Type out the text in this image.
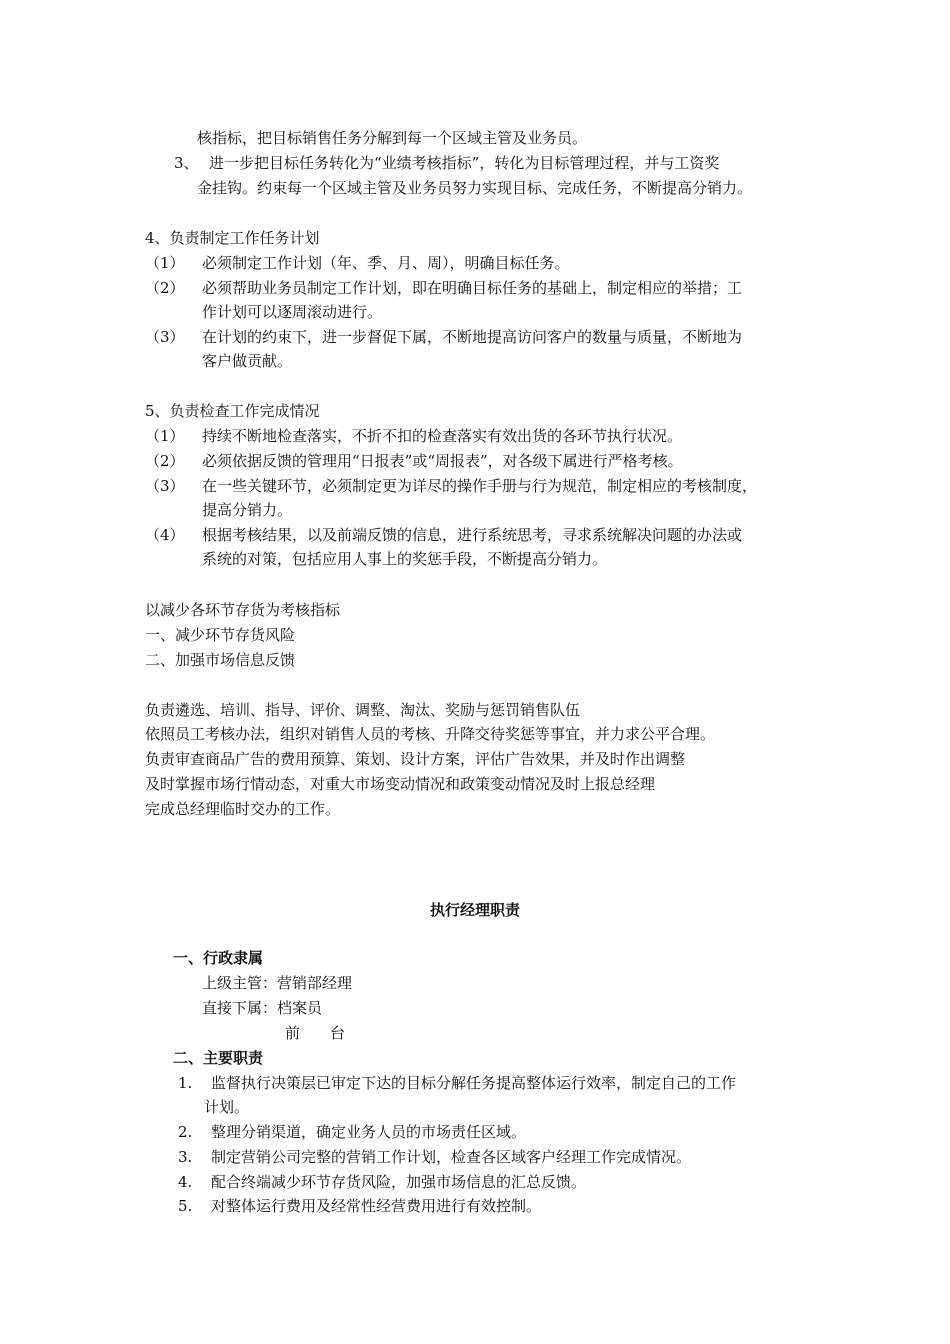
核指标，把目标销售任务分解到每一个区域主管及业务员。
3、 进一步把目标任务转化为“业绩考核指标”，转化为目标管理过程，并与工资奖
金挂钩。约束每一个区域主管及业务员努力实现目标、完成任务，不断提高分销力。
4、负责制定工作任务计划
（1） 必须制定工作计划（年、季、月、周），明确目标任务。
（2） 必须帮助业务员制定工作计划，即在明确目标任务的基础上，制定相应的举措；工
作计划可以逐周滚动进行。
（3） 在计划的约束下，进一步督促下属，不断地提高访问客户的数量与质量，不断地为
客户做贡献。
5、负责检查工作完成情况
（1） 持续不断地检查落实，不折不扣的检查落实有效出货的各环节执行状况。
（2） 必须依据反馈的管理用“日报表”或“周报表”，对各级下属进行严格考核。
（3） 在一些关键环节，必须制定更为详尽的操作手册与行为规范，制定相应的考核制度，
提高分销力。
（4） 根据考核结果，以及前端反馈的信息，进行系统思考，寻求系统解决问题的办法或
系统的对策，包括应用人事上的奖惩手段，不断提高分销力。
以减少各环节存货为考核指标
一、减少环节存货风险
二、加强市场信息反馈
负责遴选、培训、指导、评价、调整、淘汰、奖励与惩罚销售队伍
依照员工考核办法，组织对销售人员的考核、升降交待奖惩等事宜，并力求公平合理。
负责审查商品广告的费用预算、策划、设计方案，评估广告效果，并及时作出调整
及时掌握市场行情动态，对重大市场变动情况和政策变动情况及时上报总经理
完成总经理临时交办的工作。
执行经理职责
一、行政隶属
上级主管：营销部经理
直接下属：档案员
前　　台
二、主要职责
1. 监督执行决策层已审定下达的目标分解任务提高整体运行效率，制定自己的工作
计划。
2. 整理分销渠道，确定业务人员的市场责任区域。
3. 制定营销公司完整的营销工作计划，检查各区域客户经理工作完成情况。
4. 配合终端减少环节存货风险，加强市场信息的汇总反馈。
5. 对整体运行费用及经常性经营费用进行有效控制。
